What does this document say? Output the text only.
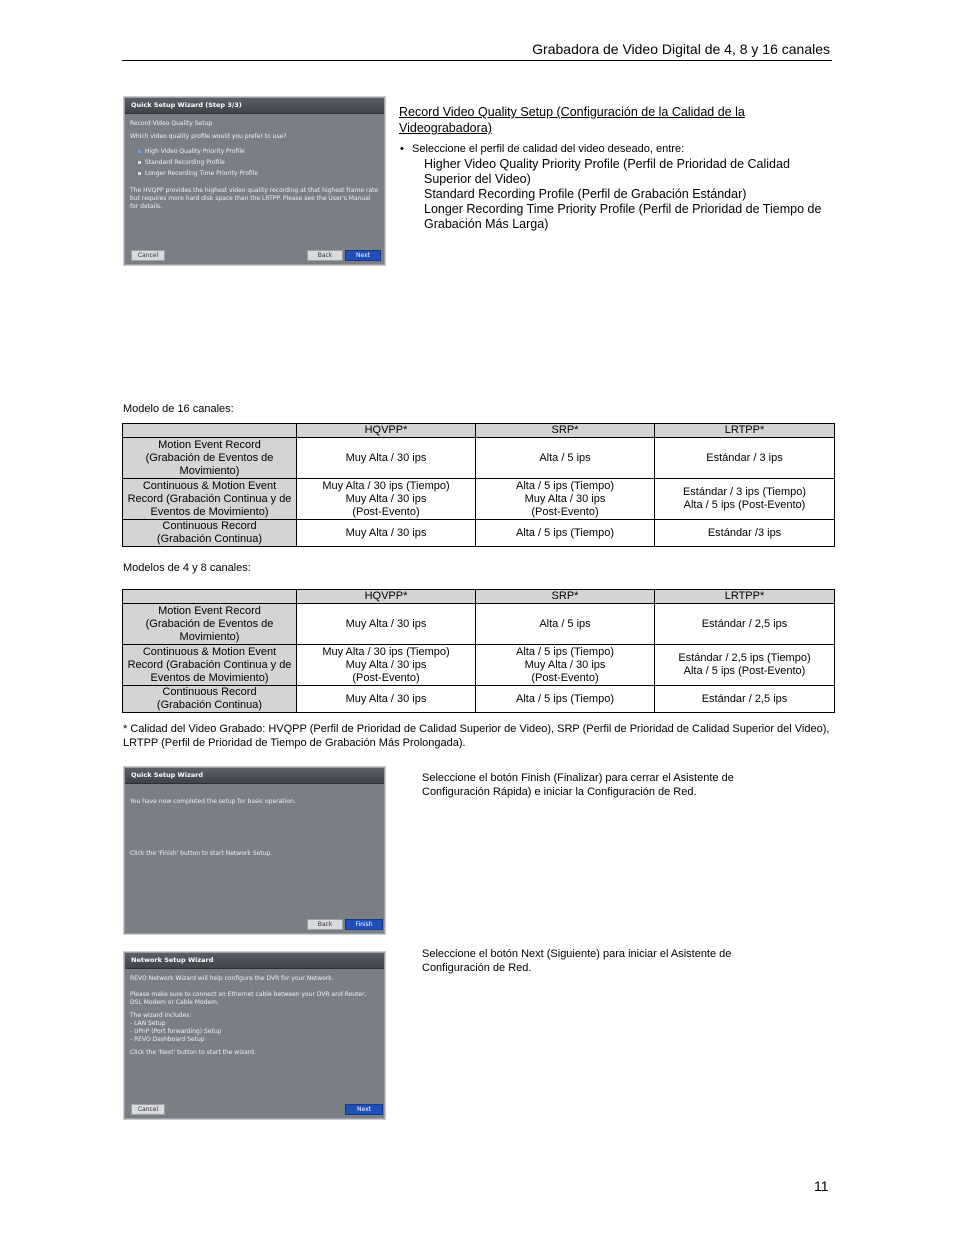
Grabadora de Video Digital de 4, 8 y 16 canales
Quick Setup Wizard (Step 3/3)

Record Video Quality Setup

Which video quality profile would you prefer to use?

High Video Quality Priority Profile
Standard Recording Profile
Longer Recording Time Priority Profile

The HVQPP provides the highest video quality recording at that highest frame rate but requires more hard disk space than the LRTPP. Please see the User's Manual for details.

Cancel	Back	Next
Record Video Quality Setup (Configuración de la Calidad de la Videograbadora)
• Seleccione el perfil de calidad del video deseado, entre:
Higher Video Quality Priority Profile (Perfil de Prioridad de Calidad Superior del Video)
Standard Recording Profile (Perfil de Grabación Estándar)
Longer Recording Time Priority Profile (Perfil de Prioridad de Tiempo de Grabación Más Larga)
Modelo de 16 canales:
	HQVPP*	SRP*	LRTPP*
Motion Event Record
(Grabación de Eventos de Movimiento)	Muy Alta / 30 ips	Alta / 5 ips	Estándar / 3 ips
Continuous & Motion Event Record (Grabación Continua y de Eventos de Movimiento)	Muy Alta / 30 ips (Tiempo)
Muy Alta / 30 ips
(Post-Evento)	Alta / 5 ips (Tiempo)
Muy Alta / 30 ips
(Post-Evento)	Estándar / 3 ips (Tiempo)
Alta / 5 ips (Post-Evento)
Continuous Record
(Grabación Continua)	Muy Alta / 30 ips	Alta / 5 ips (Tiempo)	Estándar /3 ips
Modelos de 4 y 8 canales:
	HQVPP*	SRP*	LRTPP*
Motion Event Record
(Grabación de Eventos de Movimiento)	Muy Alta / 30 ips	Alta / 5 ips	Estándar / 2,5 ips
Continuous & Motion Event Record (Grabación Continua y de Eventos de Movimiento)	Muy Alta / 30 ips (Tiempo)
Muy Alta / 30 ips
(Post-Evento)	Alta / 5 ips (Tiempo)
Muy Alta / 30 ips
(Post-Evento)	Estándar / 2,5 ips (Tiempo)
Alta / 5 ips (Post-Evento)
Continuous Record
(Grabación Continua)	Muy Alta / 30 ips	Alta / 5 ips (Tiempo)	Estándar / 2,5 ips
* Calidad del Video Grabado: HVQPP (Perfil de Prioridad de Calidad Superior de Video), SRP (Perfil de Prioridad de Calidad Superior del Video), LRTPP (Perfil de Prioridad de Tiempo de Grabación Más Prolongada).
Quick Setup Wizard

You have now completed the setup for basic operation.

Click the 'Finish' button to start Network Setup.

Back	Finish
Seleccione el botón Finish (Finalizar) para cerrar el Asistente de Configuración Rápida) e iniciar la Configuración de Red.
Network Setup Wizard

REVO Network Wizard will help configure the DVR for your Network.

Please make sure to connect an Ethernet cable between your DVR and Router, DSL Modem or Cable Modem.

The wizard includes:

- LAN Setup

- UPnP (Port forwarding) Setup

- REVO Dashboard Setup

Click the 'Next' button to start the wizard.

Cancel	Next
Seleccione el botón Next (Siguiente) para iniciar el Asistente de Configuración de Red.
11
